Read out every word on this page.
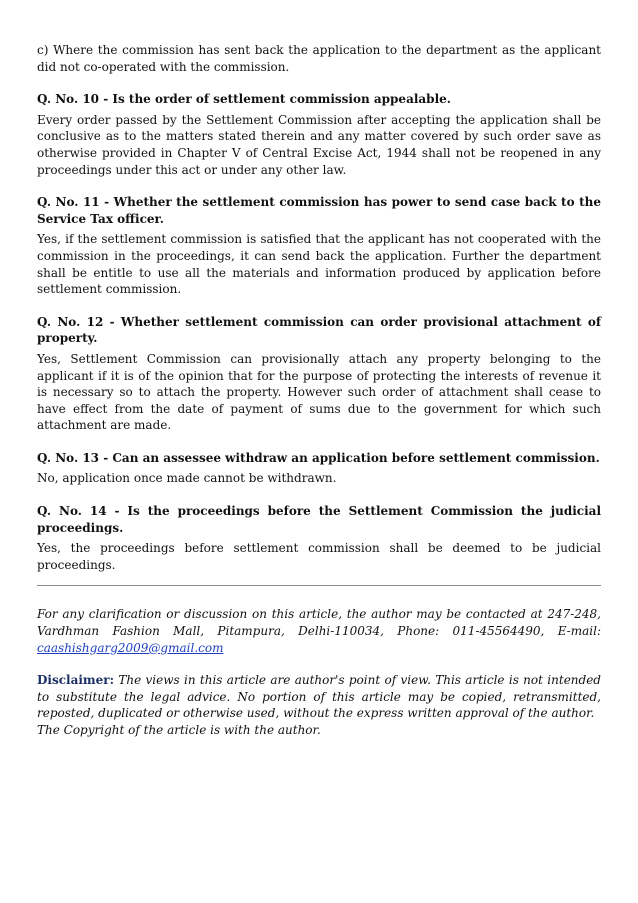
c) Where the commission has sent back the application to the department as the applicant did not co-operated with the commission.

Q. No. 10 - Is the order of settlement commission appealable.

Every order passed by the Settlement Commission after accepting the application shall be conclusive as to the matters stated therein and any matter covered by such order save as otherwise provided in Chapter V of Central Excise Act, 1944 shall not be reopened in any proceedings under this act or under any other law.

Q. No. 11 - Whether the settlement commission has power to send case back to the Service Tax officer.

Yes, if the settlement commission is satisfied that the applicant has not cooperated with the commission in the proceedings, it can send back the application. Further the department shall be entitle to use all the materials and information produced by application before settlement commission.

Q. No. 12 - Whether settlement commission can order provisional attachment of property.

Yes, Settlement Commission can provisionally attach any property belonging to the applicant if it is of the opinion that for the purpose of protecting the interests of revenue it is necessary so to attach the property. However such order of attachment shall cease to have effect from the date of payment of sums due to the government for which such attachment are made.

Q. No. 13 - Can an assessee withdraw an application before settlement commission.

No, application once made cannot be withdrawn.

Q. No. 14 - Is the proceedings before the Settlement Commission the judicial proceedings.

Yes, the proceedings before settlement commission shall be deemed to be judicial proceedings.

For any clarification or discussion on this article, the author may be contacted at 247-248, Vardhman Fashion Mall, Pitampura, Delhi-110034, Phone: 011-45564490, E-mail: caashishgarg2009@gmail.com

Disclaimer: The views in this article are author's point of view. This article is not intended to substitute the legal advice. No portion of this article may be copied, retransmitted, reposted, duplicated or otherwise used, without the express written approval of the author.

The Copyright of the article is with the author.
